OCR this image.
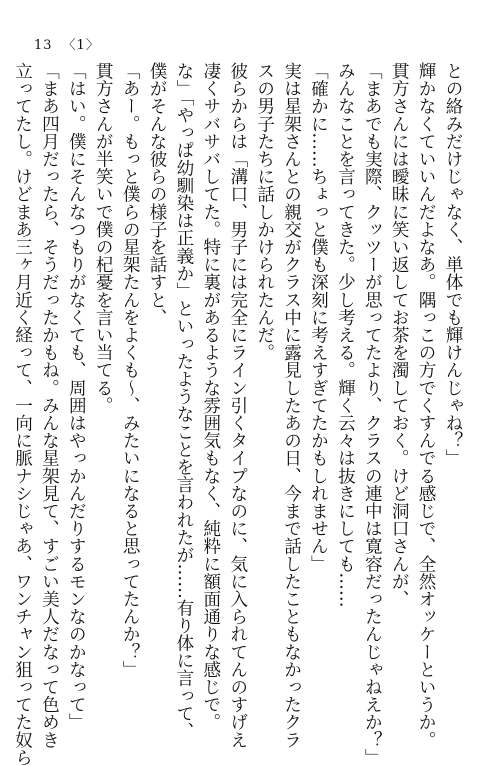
13 〈1〉
との絡みだけじゃなく、単体でも輝けんじゃね？」
輝かなくていいんだよなあ。隅っこの方でくすんでる感じで、全然オッケーというか。
貫方さんには曖昧に笑い返してお茶を濁しておく。けど洞口さんが、
「まあでも実際、クッツーが思ってたより、クラスの連中は寛容だったんじゃねえか？」
みんなことを言ってきた。少し考える。輝く云々は抜きにしても……
「確かに……ちょっと僕も深刻に考えすぎてたかもしれません」
実は星架さんとの親交がクラス中に露見したあの日、今まで話したこともなかったクラ
スの男子たちに話しかけられたんだ。
彼らからは「溝口、男子には完全にライン引くタイプなのに、気に入られてんのすげえ
凄くサバサバしてた。特に裏があるような雰囲気もなく、純粋に額面通りな感じで。
な」「やっぱ幼馴染は正義か」といったようなことを言われたが……有り体に言って、
僕がそんな彼らの様子を話すと、
「あー。もっと僕らの星架たんをよくも～、みたいになると思ってたんか？」
貫方さんが半笑いで僕の杞憂を言い当てる。
「はい。僕にそんなつもりがなくても、周囲はやっかんだりするモンなのかなって」
「まあ四月だったら、そうだったかもね。みんな星架見て、すごい美人だなって色めき
立ってたし。けどまあ三ヶ月近く経って、一向に脈ナシじゃあ、ワンチャン狙ってた奴ら
